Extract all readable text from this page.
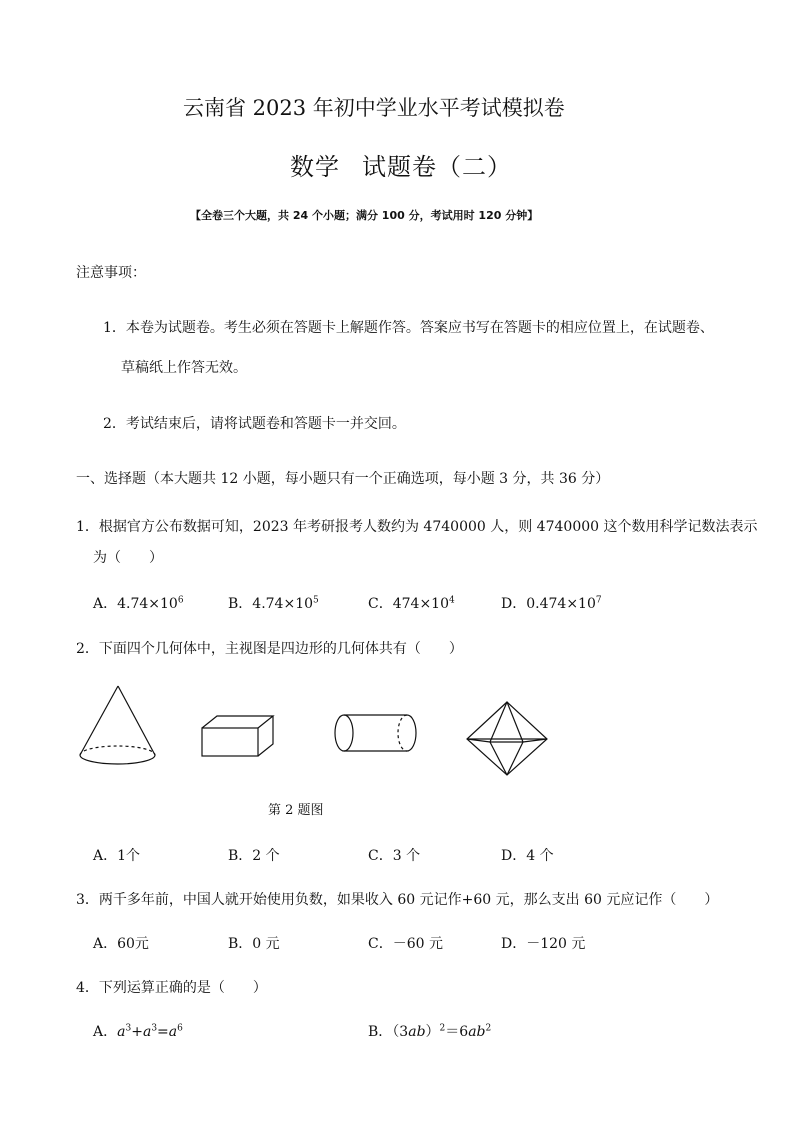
云南省 2023 年初中学业水平考试模拟卷
数学 试题卷（二）
【全卷三个大题，共 24 个小题；满分 100 分，考试用时 120 分钟】
注意事项：
1．本卷为试题卷。考生必须在答题卡上解题作答。答案应书写在答题卡的相应位置上，在试题卷、
草稿纸上作答无效。
2．考试结束后，请将试题卷和答题卡一并交回。
一、选择题（本大题共 12 小题，每小题只有一个正确选项，每小题 3 分，共 36 分）
1．根据官方公布数据可知，2023 年考研报考人数约为 4740000 人，则 4740000 这个数用科学记数法表示
为（　　）
A．$4.74\times 10^6$	B．$4.74\times 10^5$	C．$474\times 10^4$	D．$0.474\times 10^7$
2．下面四个几何体中，主视图是四边形的几何体共有（　　）
第 2 题图
A．1个	B．2 个	C．3 个	D．4 个
3．两千多年前，中国人就开始使用负数，如果收入 60 元记作+60 元，那么支出 60 元应记作（　　）
A．60元	B．0 元	C．－60 元	D．－120 元
4．下列运算正确的是（　　）
A．$a^3+a^3=a^6$	B．$(3ab)^2=6ab^2$
